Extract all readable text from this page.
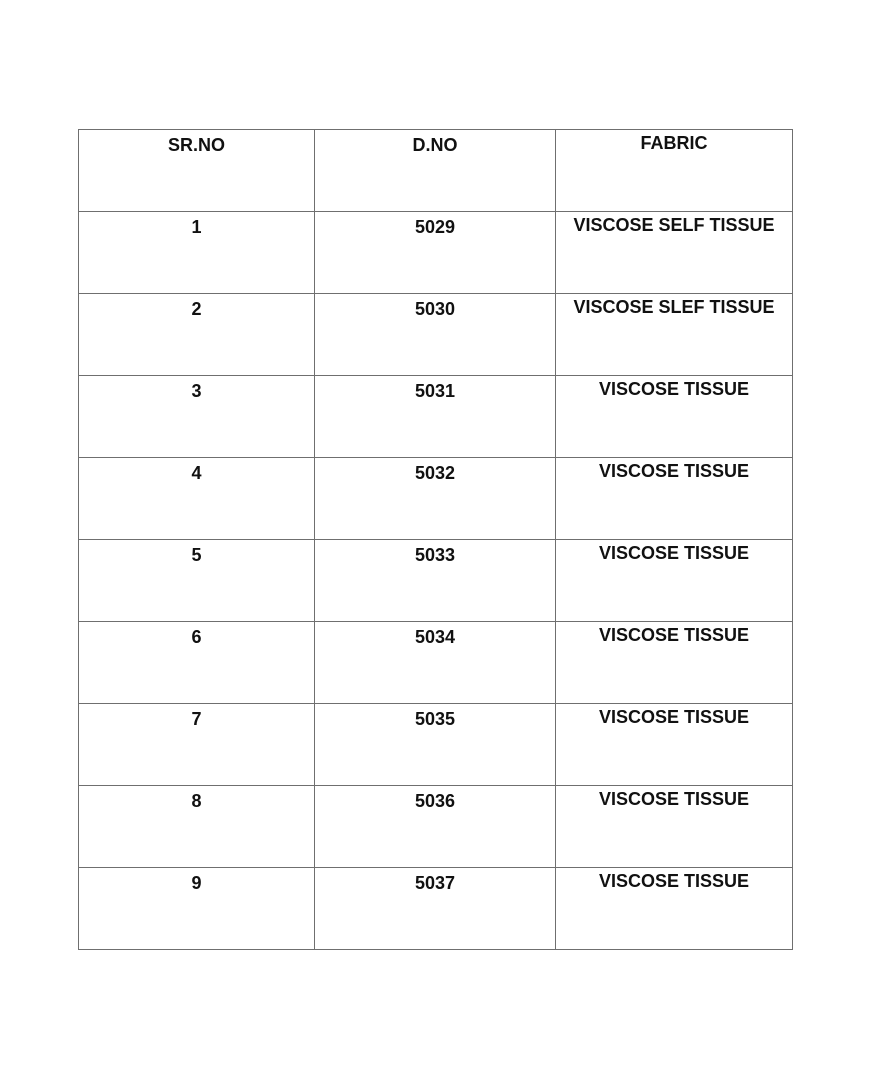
SR.NO	D.NO	FABRIC
1	5029	VISCOSE SELF TISSUE
2	5030	VISCOSE SLEF TISSUE
3	5031	VISCOSE TISSUE
4	5032	VISCOSE TISSUE
5	5033	VISCOSE TISSUE
6	5034	VISCOSE TISSUE
7	5035	VISCOSE TISSUE
8	5036	VISCOSE TISSUE
9	5037	VISCOSE TISSUE
